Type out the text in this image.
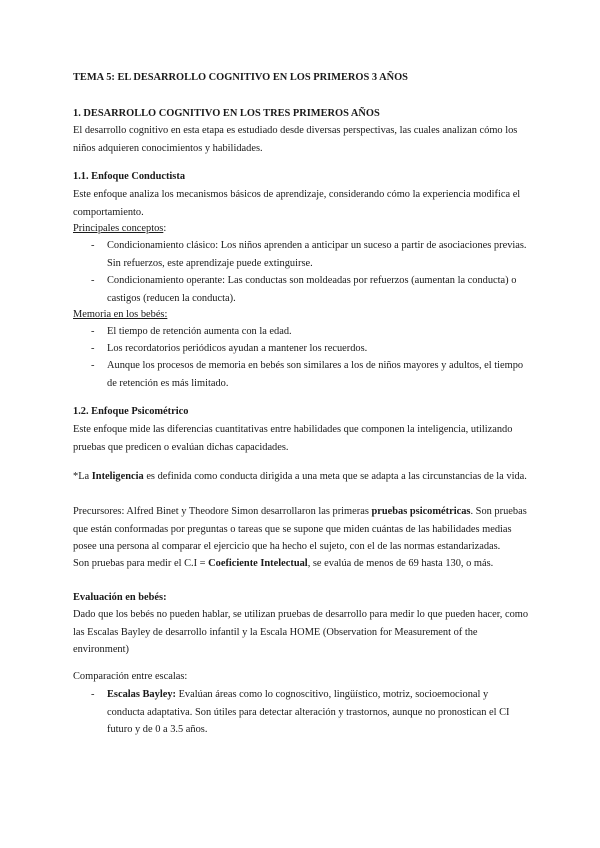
TEMA 5: EL DESARROLLO COGNITIVO EN LOS PRIMEROS 3 AÑOS
1. DESARROLLO COGNITIVO EN LOS TRES PRIMEROS AÑOS
El desarrollo cognitivo en esta etapa es estudiado desde diversas perspectivas, las cuales analizan cómo los niños adquieren conocimientos y habilidades.
1.1. Enfoque Conductista
Este enfoque analiza los mecanismos básicos de aprendizaje, considerando cómo la experiencia modifica el comportamiento.
Principales conceptos:
- Condicionamiento clásico: Los niños aprenden a anticipar un suceso a partir de asociaciones previas. Sin refuerzos, este aprendizaje puede extinguirse.
- Condicionamiento operante: Las conductas son moldeadas por refuerzos (aumentan la conducta) o castigos (reducen la conducta).
Memoria en los bebés:
- El tiempo de retención aumenta con la edad.
- Los recordatorios periódicos ayudan a mantener los recuerdos.
- Aunque los procesos de memoria en bebés son similares a los de niños mayores y adultos, el tiempo de retención es más limitado.
1.2. Enfoque Psicométrico
Este enfoque mide las diferencias cuantitativas entre habilidades que componen la inteligencia, utilizando pruebas que predicen o evalúan dichas capacidades.
*La Inteligencia es definida como conducta dirigida a una meta que se adapta a las circunstancias de la vida.
Precursores: Alfred Binet y Theodore Simon desarrollaron las primeras pruebas psicométricas. Son pruebas que están conformadas por preguntas o tareas que se supone que miden cuántas de las habilidades medias posee una persona al comparar el ejercicio que ha hecho el sujeto, con el de las normas estandarizadas.
Son pruebas para medir el C.I = Coeficiente Intelectual, se evalúa de menos de 69 hasta 130, o más.
Evaluación en bebés:
Dado que los bebés no pueden hablar, se utilizan pruebas de desarrollo para medir lo que pueden hacer, como las Escalas Bayley de desarrollo infantil y la Escala HOME (Observation for Measurement of the environment)
Comparación entre escalas:
- Escalas Bayley: Evalúan áreas como lo cognoscitivo, lingüístico, motriz, socioemocional y conducta adaptativa. Son útiles para detectar alteración y trastornos, aunque no pronostican el CI futuro y de 0 a 3.5 años.
